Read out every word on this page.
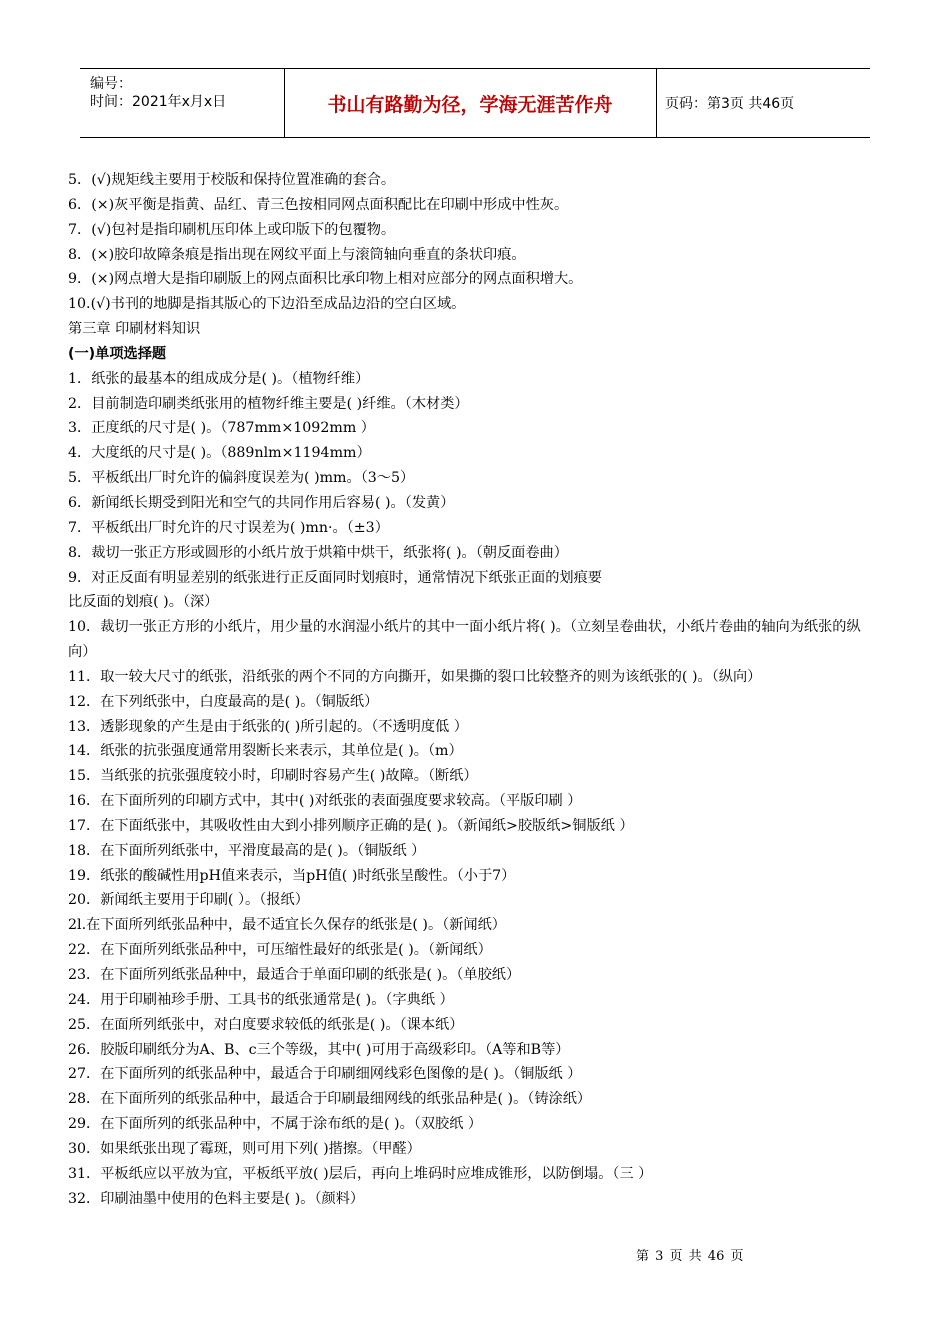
编号：
时间：2021年x月x日	书山有路勤为径，学海无涯苦作舟	页码：第3页 共46页
5．(√)规矩线主要用于校版和保持位置准确的套合。
6．(×)灰平衡是指黄、品红、青三色按相同网点面积配比在印刷中形成中性灰。
7．(√)包衬是指印刷机压印体上或印版下的包覆物。
8．(×)胶印故障条痕是指出现在网纹平面上与滚筒轴向垂直的条状印痕。
9．(×)网点增大是指印刷版上的网点面积比承印物上相对应部分的网点面积增大。
10.(√)书刊的地脚是指其版心的下边沿至成品边沿的空白区域。
第三章 印刷材料知识
(一)单项选择题
1．纸张的最基本的组成成分是( )。（植物纤维）
2．目前制造印刷类纸张用的植物纤维主要是( )纤维。（木材类）
3．正度纸的尺寸是( )。（787mm×1092mm ）
4．大度纸的尺寸是( )。（889nlm×1194mm）
5．平板纸出厂时允许的偏斜度误差为( )mm。（3～5）
6．新闻纸长期受到阳光和空气的共同作用后容易( )。（发黄）
7．平板纸出厂时允许的尺寸误差为( )mn·。（±3）
8．裁切一张正方形或圆形的小纸片放于烘箱中烘干，纸张将( )。（朝反面卷曲）
9．对正反面有明显差别的纸张进行正反面同时划痕时，通常情况下纸张正面的划痕要
比反面的划痕( )。（深）
10．裁切一张正方形的小纸片，用少量的水润湿小纸片的其中一面小纸片将( )。（立刻呈卷曲状，小纸片卷曲的轴向为纸张的纵向）
11．取一较大尺寸的纸张，沿纸张的两个不同的方向撕开，如果撕的裂口比较整齐的则为该纸张的( )。（纵向）
12．在下列纸张中，白度最高的是( )。（铜版纸）
13．透影现象的产生是由于纸张的( )所引起的。（不透明度低 ）
14．纸张的抗张强度通常用裂断长来表示，其单位是( )。（m）
15．当纸张的抗张强度较小时，印刷时容易产生( )故障。（断纸）
16．在下面所列的印刷方式中，其中( )对纸张的表面强度要求较高。（平版印刷 ）
17．在下面纸张中，其吸收性由大到小排列顺序正确的是( )。（新闻纸>胶版纸>铜版纸 ）
18．在下面所列纸张中，平滑度最高的是( )。（铜版纸 ）
19．纸张的酸碱性用pH值来表示，当pH值( )时纸张呈酸性。（小于7）
20．新闻纸主要用于印刷( ）。（报纸）
2l.在下面所列纸张品种中，最不适宜长久保存的纸张是( )。（新闻纸）
22．在下面所列纸张品种中，可压缩性最好的纸张是( )。（新闻纸）
23．在下面所列纸张品种中，最适合于单面印刷的纸张是( )。（单胶纸）
24．用于印刷袖珍手册、工具书的纸张通常是( )。（字典纸 ）
25．在面所列纸张中，对白度要求较低的纸张是( )。（课本纸）
26．胶版印刷纸分为A、B、c三个等级，其中( )可用于高级彩印。（A等和B等）
27．在下面所列的纸张品种中，最适合于印刷细网线彩色图像的是( )。（铜版纸 ）
28．在下面所列的纸张品种中，最适合于印刷最细网线的纸张品种是( )。（铸涂纸）
29．在下面所列的纸张品种中，不属于涂布纸的是( )。（双胶纸 ）
30．如果纸张出现了霉斑，则可用下列( )揩擦。（甲醛）
31．平板纸应以平放为宜，平板纸平放( )层后，再向上堆码时应堆成锥形，以防倒塌。（三 ）
32．印刷油墨中使用的色料主要是( )。（颜料）
第 3 页 共 46 页
